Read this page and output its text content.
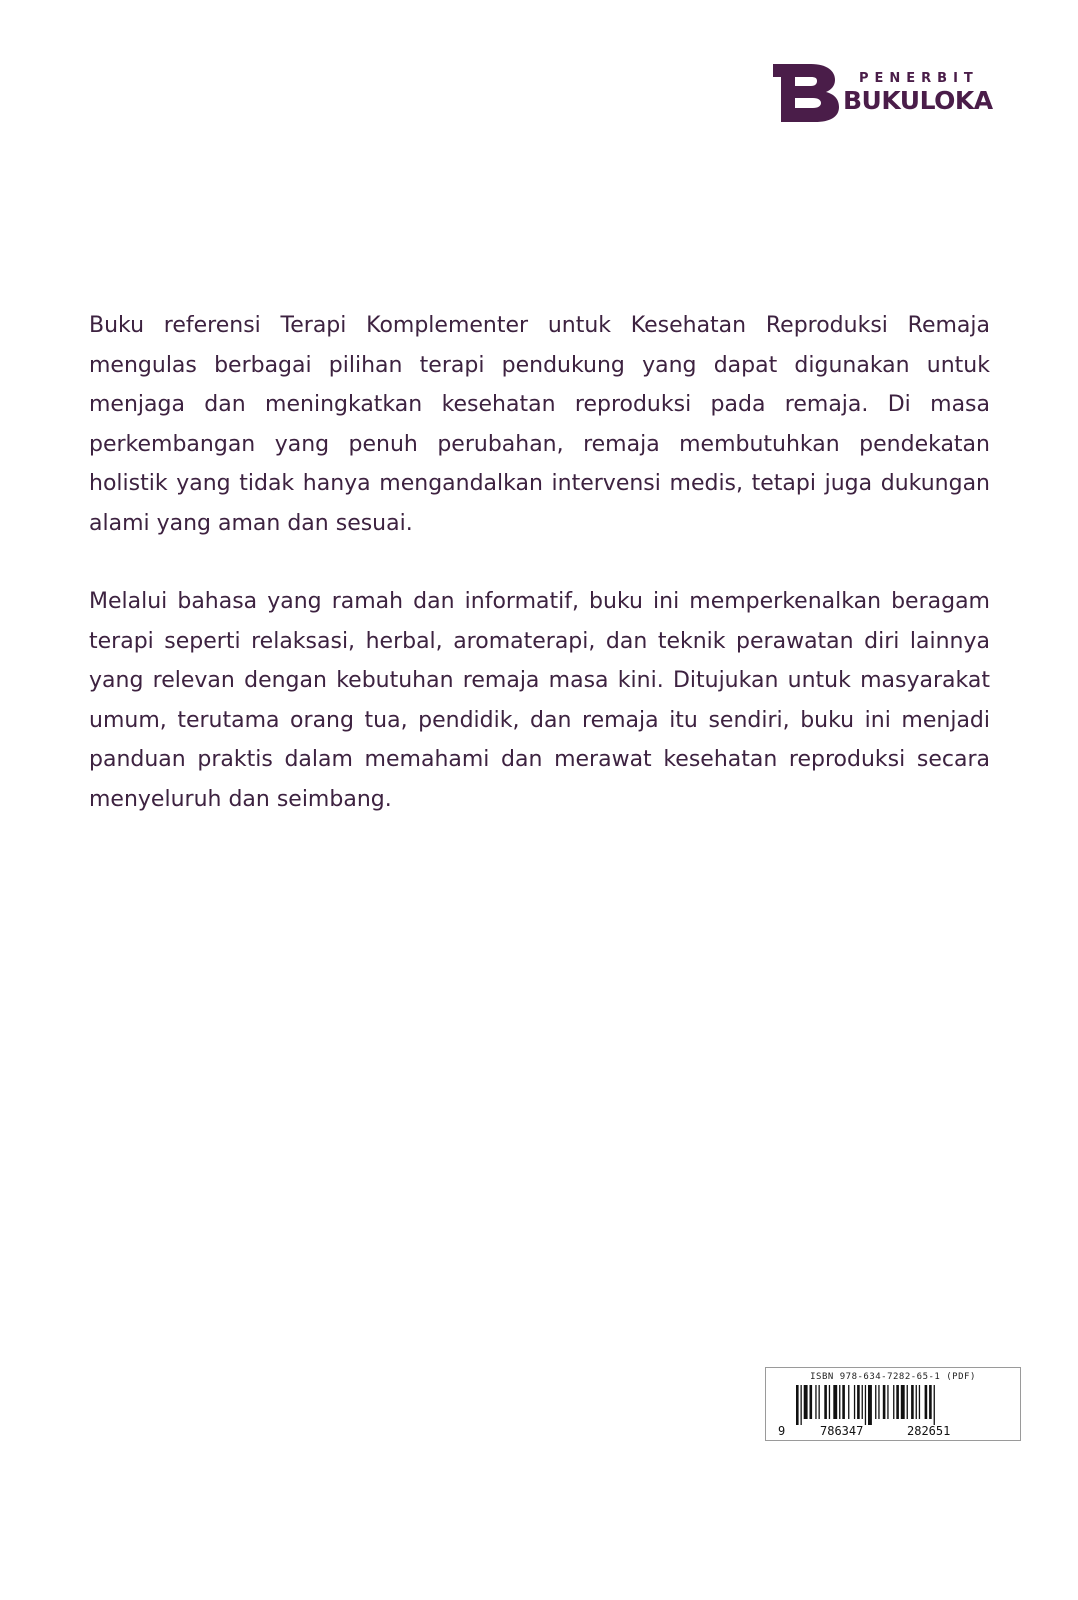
PENERBIT
BUKULOKA

Buku referensi Terapi Komplementer untuk Kesehatan Reproduksi Remaja mengulas berbagai pilihan terapi pendukung yang dapat digunakan untuk menjaga dan meningkatkan kesehatan reproduksi pada remaja. Di masa perkembangan yang penuh perubahan, remaja membutuhkan pendekatan holistik yang tidak hanya mengandalkan intervensi medis, tetapi juga dukungan alami yang aman dan sesuai.

Melalui bahasa yang ramah dan informatif, buku ini memperkenalkan beragam terapi seperti relaksasi, herbal, aromaterapi, dan teknik perawatan diri lainnya yang relevan dengan kebutuhan remaja masa kini. Ditujukan untuk masyarakat umum, terutama orang tua, pendidik, dan remaja itu sendiri, buku ini menjadi panduan praktis dalam memahami dan merawat kesehatan reproduksi secara menyeluruh dan seimbang.

ISBN 978-634-7282-65-1 (PDF)
9	786347	282651
